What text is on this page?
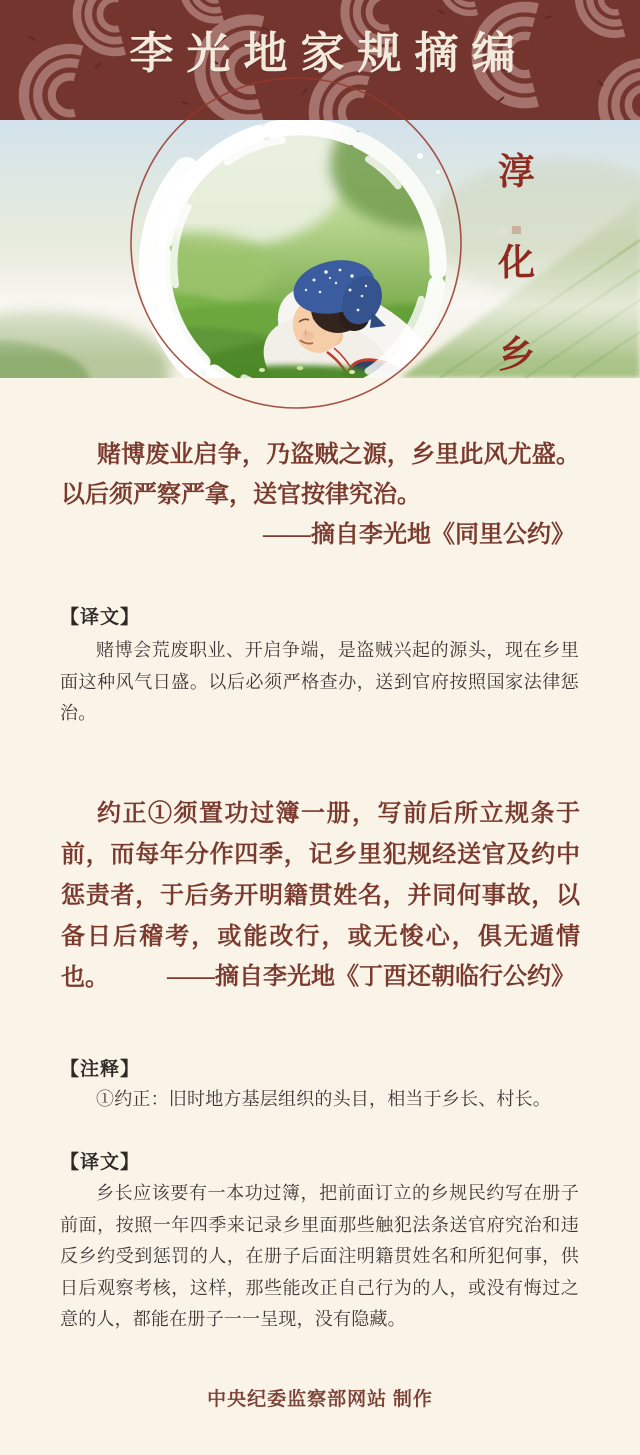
李光地家规摘编
淳
化
乡

赌博废业启争，乃盗贼之源，乡里此风尤盛。以后须严察严拿，送官按律究治。

——摘自李光地《同里公约》

【译文】

赌博会荒废职业、开启争端，是盗贼兴起的源头，现在乡里面这种风气日盛。以后必须严格查办，送到官府按照国家法律惩治。

约正①须置功过簿一册，写前后所立规条于前，而每年分作四季，记乡里犯规经送官及约中惩责者，于后务开明籍贯姓名，并同何事故，以备日后稽考，或能改行，或无悛心，俱无遁情也。	——摘自李光地《丁酉还朝临行公约》

【注释】

①约正：旧时地方基层组织的头目，相当于乡长、村长。

【译文】

乡长应该要有一本功过簿，把前面订立的乡规民约写在册子前面，按照一年四季来记录乡里面那些触犯法条送官府究治和违反乡约受到惩罚的人，在册子后面注明籍贯姓名和所犯何事，供日后观察考核，这样，那些能改正自己行为的人，或没有悔过之意的人，都能在册子一一呈现，没有隐藏。

中央纪委监察部网站 制作
